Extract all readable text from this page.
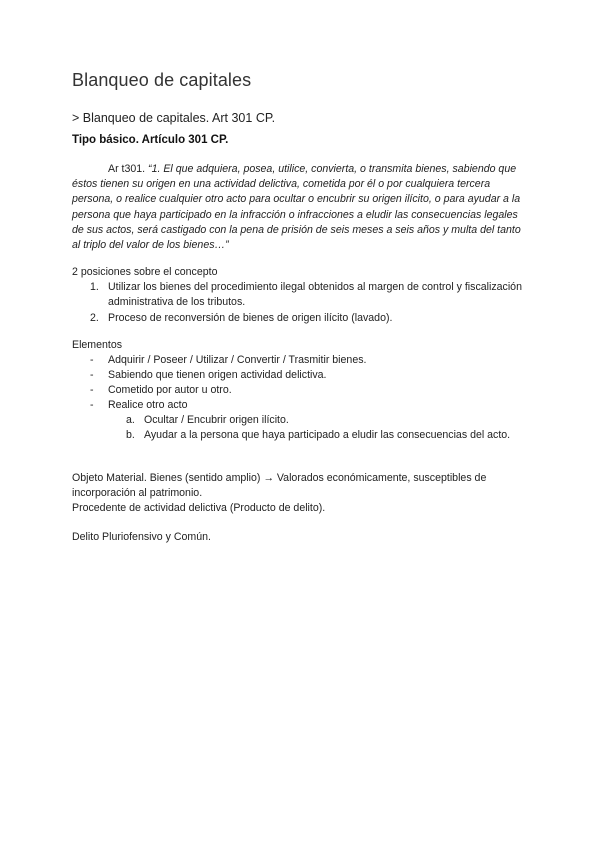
Blanqueo de capitales
> Blanqueo de capitales. Art 301 CP.
Tipo básico. Artículo 301 CP.
Ar t301. “1. El que adquiera, posea, utilice, convierta, o transmita bienes, sabiendo que éstos tienen su origen en una actividad delictiva, cometida por él o por cualquiera tercera persona, o realice cualquier otro acto para ocultar o encubrir su origen ilícito, o para ayudar a la persona que haya participado en la infracción o infracciones a eludir las consecuencias legales de sus actos, será castigado con la pena de prisión de seis meses a seis años y multa del tanto al triplo del valor de los bienes…”
2 posiciones sobre el concepto
1. Utilizar los bienes del procedimiento ilegal obtenidos al margen de control y fiscalización administrativa de los tributos.
2. Proceso de reconversión de bienes de origen ilícito (lavado).
Elementos
- Adquirir / Poseer / Utilizar / Convertir / Trasmitir bienes.
- Sabiendo que tienen origen actividad delictiva.
- Cometido por autor u otro.
- Realice otro acto
a. Ocultar / Encubrir origen ilícito.
b. Ayudar a la persona que haya participado a eludir las consecuencias del acto.
Objeto Material. Bienes (sentido amplio) → Valorados económicamente, susceptibles de incorporación al patrimonio.
Procedente de actividad delictiva (Producto de delito).
Delito Pluriofensivo y Común.
